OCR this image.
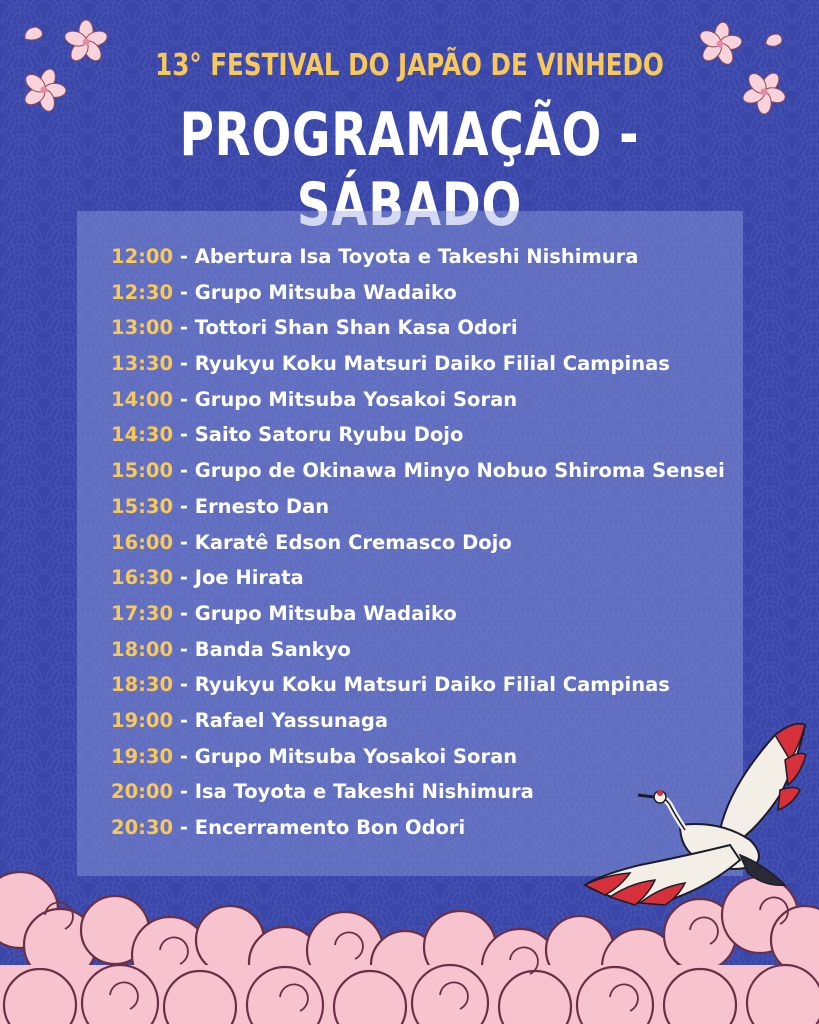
13° FESTIVAL DO JAPÃO DE VINHEDO
PROGRAMAÇÃO - SÁBADO
12:00 - Abertura Isa Toyota e Takeshi Nishimura
12:30 - Grupo Mitsuba Wadaiko
13:00 - Tottori Shan Shan Kasa Odori
13:30 - Ryukyu Koku Matsuri Daiko Filial Campinas
14:00 - Grupo Mitsuba Yosakoi Soran
14:30 - Saito Satoru Ryubu Dojo
15:00 - Grupo de Okinawa Minyo Nobuo Shiroma Sensei
15:30 - Ernesto Dan
16:00 - Karatê Edson Cremasco Dojo
16:30 - Joe Hirata
17:30 - Grupo Mitsuba Wadaiko
18:00 - Banda Sankyo
18:30 - Ryukyu Koku Matsuri Daiko Filial Campinas
19:00 - Rafael Yassunaga
19:30 - Grupo Mitsuba Yosakoi Soran
20:00 - Isa Toyota e Takeshi Nishimura
20:30 - Encerramento Bon Odori
